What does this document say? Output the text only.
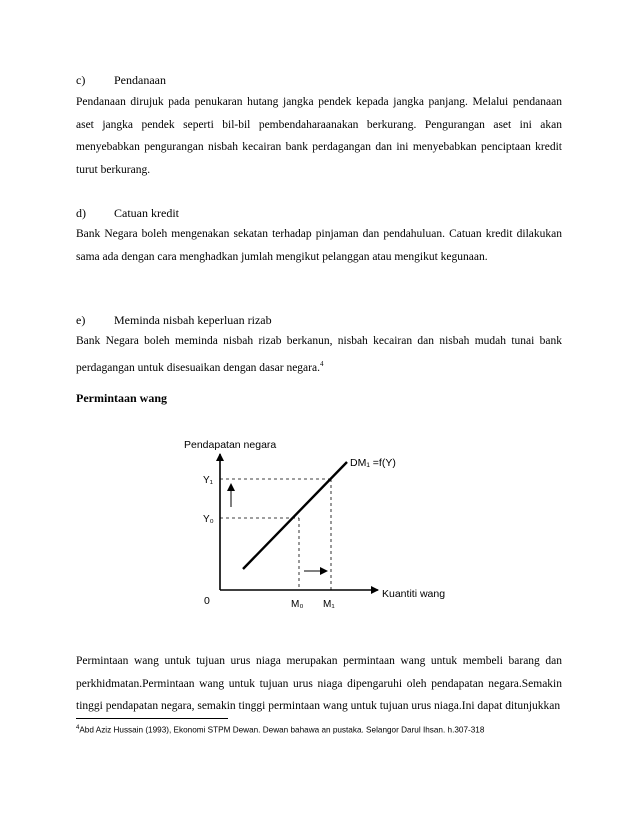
c) Pendanaan
Pendanaan dirujuk pada penukaran hutang jangka pendek kepada jangka panjang. Melalui pendanaan aset jangka pendek seperti bil-bil pembendaharaanakan berkurang. Pengurangan aset ini akan menyebabkan pengurangan nisbah kecairan bank perdagangan dan ini menyebabkan penciptaan kredit turut berkurang.
d) Catuan kredit
Bank Negara boleh mengenakan sekatan terhadap pinjaman dan pendahuluan. Catuan kredit dilakukan sama ada dengan cara menghadkan jumlah mengikut pelanggan atau mengikut kegunaan.
e) Meminda nisbah keperluan rizab
Bank Negara boleh meminda nisbah rizab berkanun, nisbah kecairan dan nisbah mudah tunai bank perdagangan untuk disesuaikan dengan dasar negara.$^4$
Permintaan wang
Pendapatan negara
DM₁ =f(Y)
Y₁
Y₀
0	M₀ M₁
Kuantiti wang
Permintaan wang untuk tujuan urus niaga merupakan permintaan wang untuk membeli barang dan perkhidmatan.Permintaan wang untuk tujuan urus niaga dipengaruhi oleh pendapatan negara.Semakin tinggi pendapatan negara, semakin tinggi permintaan wang untuk tujuan urus niaga.Ini dapat ditunjukkan
$^4$Abd Aziz Hussain (1993), Ekonomi STPM Dewan. Dewan bahawa an pustaka. Selangor Darul Ihsan. h.307-318
